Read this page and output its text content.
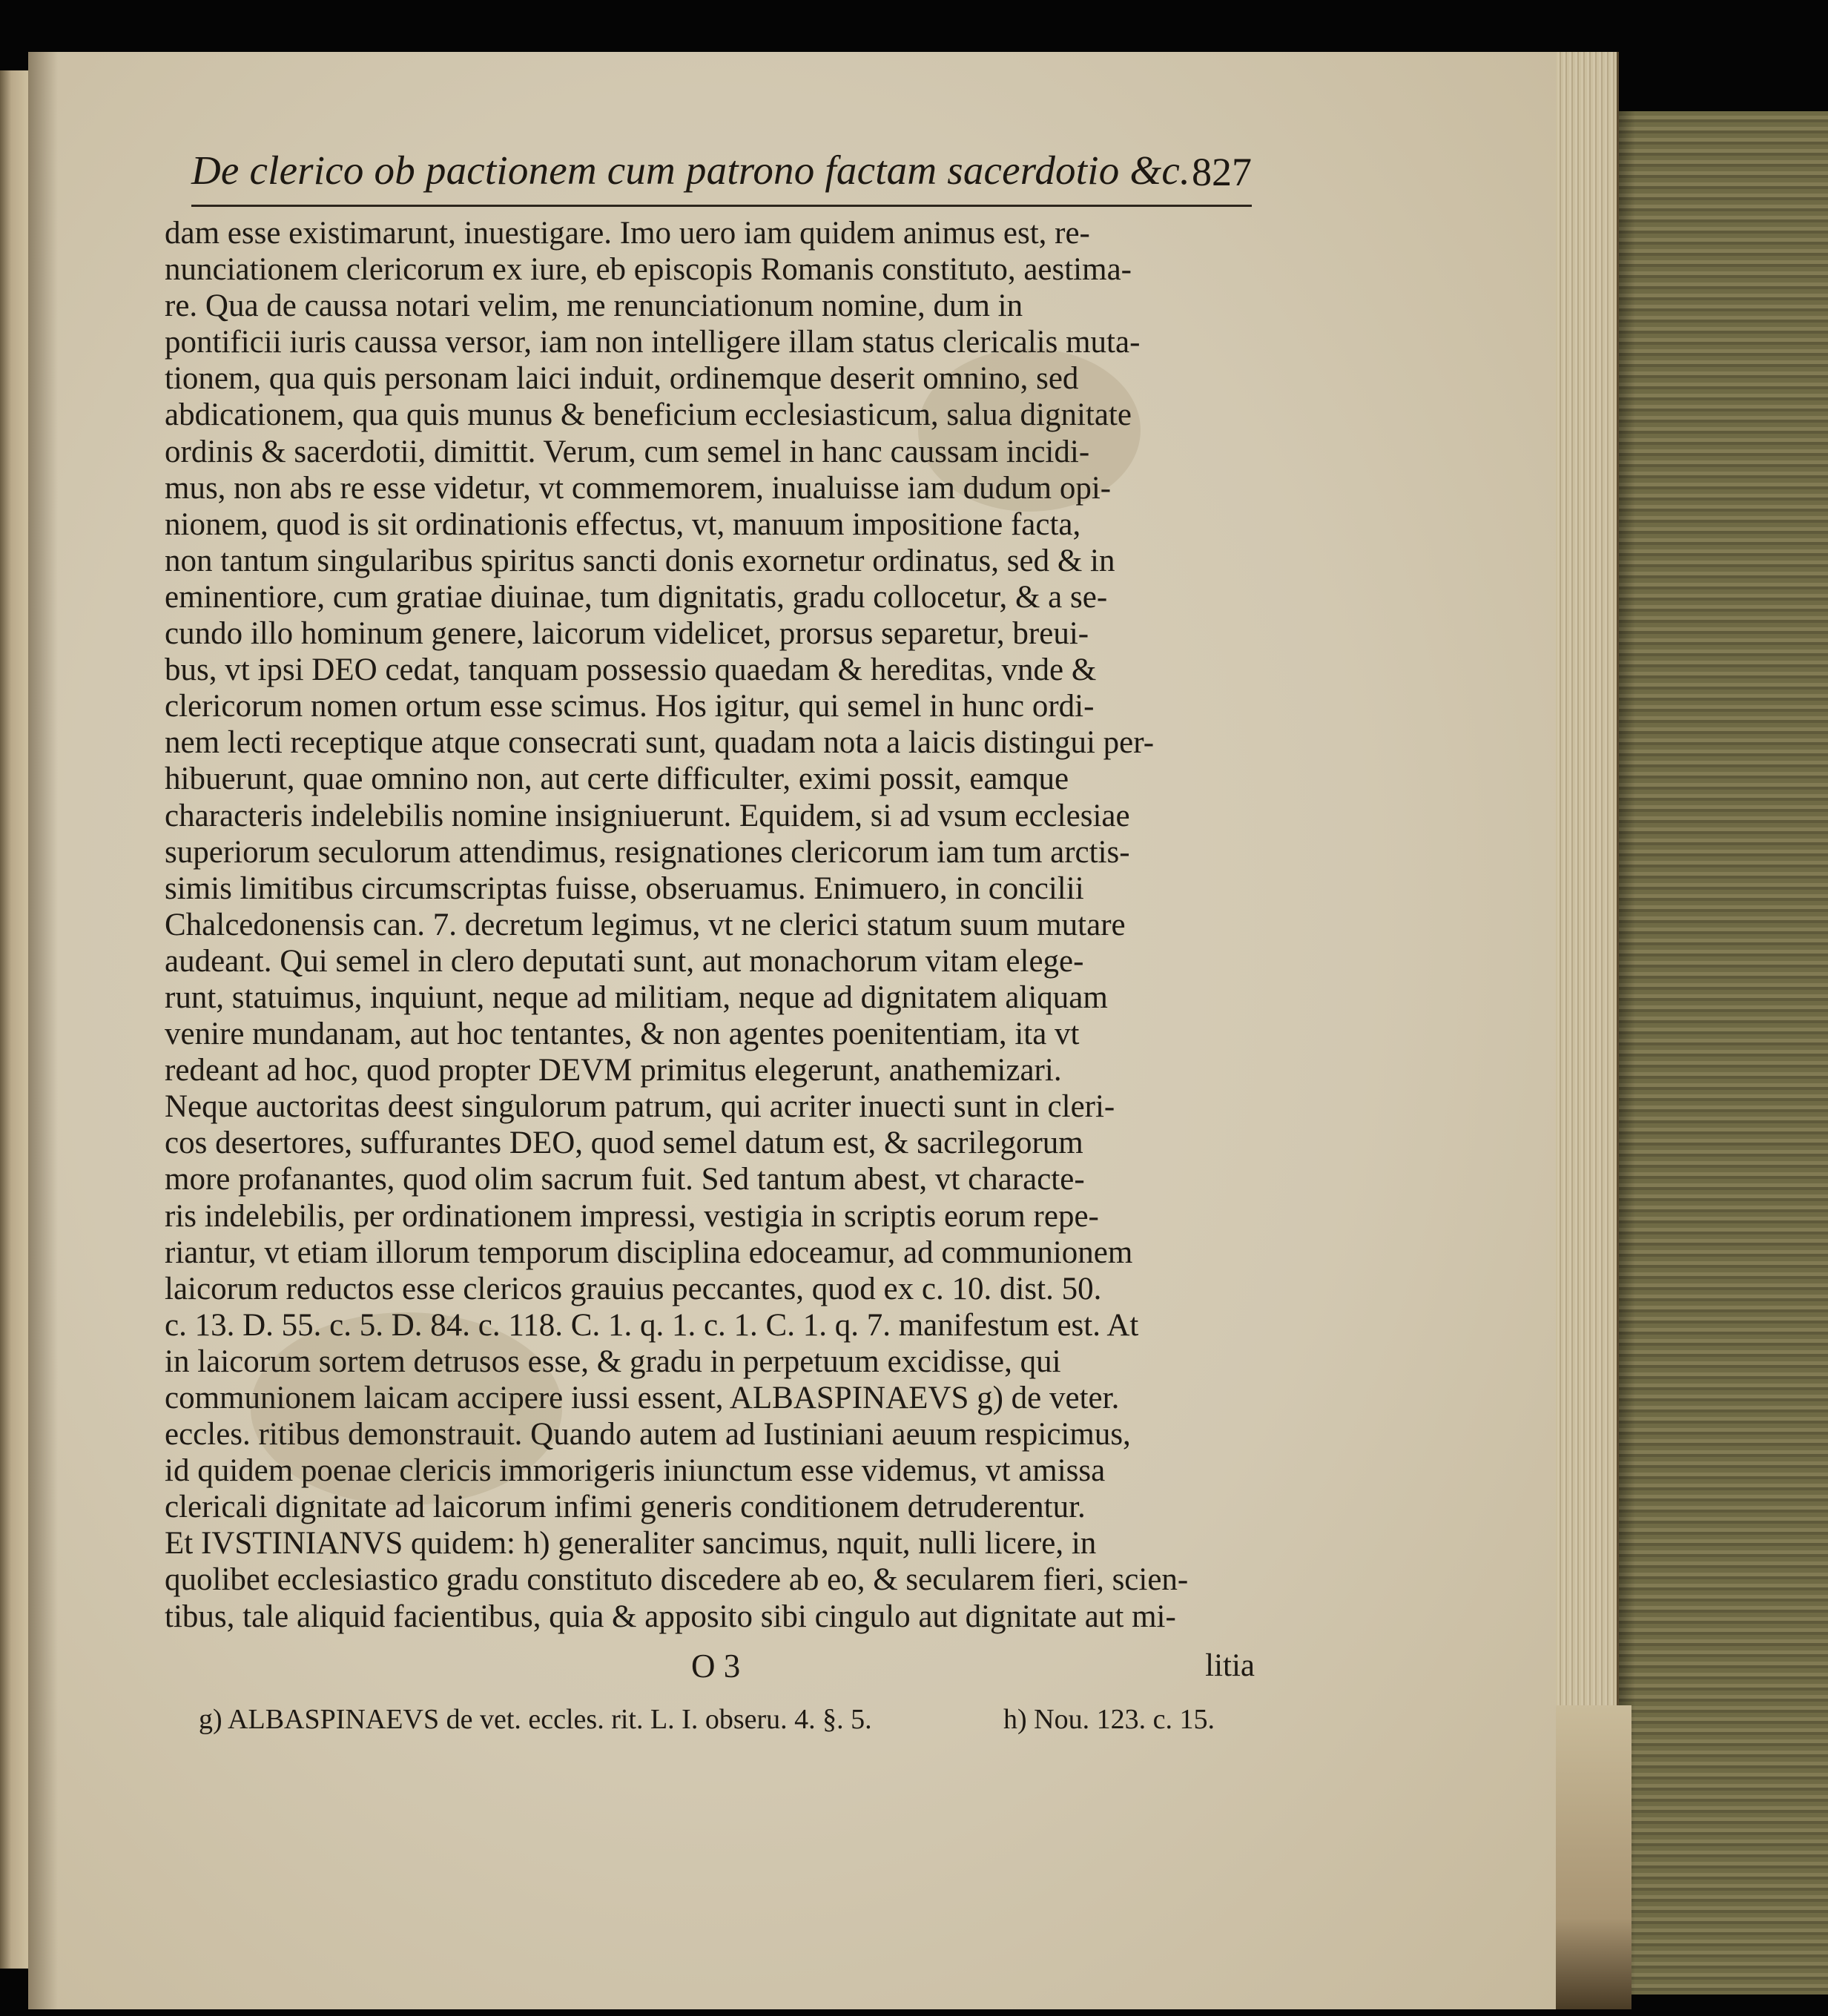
De clerico ob pactionem cum patrono factam sacerdotio &c. 827
dam esse existimarunt, inuestigare. Imo uero iam quidem animus est, re-
nunciationem clericorum ex iure, eb episcopis Romanis constituto, aestima-
re. Qua de caussa notari velim, me renunciationum nomine, dum in
pontificii iuris caussa versor, iam non intelligere illam status clericalis muta-
tionem, qua quis personam laici induit, ordinemque deserit omnino, sed
abdicationem, qua quis munus & beneficium ecclesiasticum, salua dignitate
ordinis & sacerdotii, dimittit. Verum, cum semel in hanc caussam incidi-
mus, non abs re esse videtur, vt commemorem, inualuisse iam dudum opi-
nionem, quod is sit ordinationis effectus, vt, manuum impositione facta,
non tantum singularibus spiritus sancti donis exornetur ordinatus, sed & in
eminentiore, cum gratiae diuinae, tum dignitatis, gradu collocetur, & a se-
cundo illo hominum genere, laicorum videlicet, prorsus separetur, breui-
bus, vt ipsi DEO cedat, tanquam possessio quaedam & hereditas, vnde &
clericorum nomen ortum esse scimus. Hos igitur, qui semel in hunc ordi-
nem lecti receptique atque consecrati sunt, quadam nota a laicis distingui per-
hibuerunt, quae omnino non, aut certe difficulter, eximi possit, eamque
characteris indelebilis nomine insigniuerunt. Equidem, si ad vsum ecclesiae
superiorum seculorum attendimus, resignationes clericorum iam tum arctis-
simis limitibus circumscriptas fuisse, obseruamus. Enimuero, in concilii
Chalcedonensis can. 7. decretum legimus, vt ne clerici statum suum mutare
audeant. Qui semel in clero deputati sunt, aut monachorum vitam elege-
runt, statuimus, inquiunt, neque ad militiam, neque ad dignitatem aliquam
venire mundanam, aut hoc tentantes, & non agentes poenitentiam, ita vt
redeant ad hoc, quod propter DEVM primitus elegerunt, anathemizari.
Neque auctoritas deest singulorum patrum, qui acriter inuecti sunt in cleri-
cos desertores, suffurantes DEO, quod semel datum est, & sacrilegorum
more profanantes, quod olim sacrum fuit. Sed tantum abest, vt characte-
ris indelebilis, per ordinationem impressi, vestigia in scriptis eorum repe-
riantur, vt etiam illorum temporum disciplina edoceamur, ad communionem
laicorum reductos esse clericos grauius peccantes, quod ex c. 10. dist. 50.
c. 13. D. 55. c. 5. D. 84. c. 118. C. 1. q. 1. c. 1. C. 1. q. 7. manifestum est. At
in laicorum sortem detrusos esse, & gradu in perpetuum excidisse, qui
communionem laicam accipere iussi essent, ALBASPINAEVS g) de veter.
eccles. ritibus demonstrauit. Quando autem ad Iustiniani aeuum respicimus,
id quidem poenae clericis immorigeris iniunctum esse videmus, vt amissa
clericali dignitate ad laicorum infimi generis conditionem detruderentur.
Et IVSTINIANVS quidem: h) generaliter sancimus, nquit, nulli licere, in
quolibet ecclesiastico gradu constituto discedere ab eo, & secularem fieri, scien-
tibus, tale aliquid facientibus, quia & apposito sibi cingulo aut dignitate aut mi-
O 3	litia
g) ALBASPINAEVS de vet. eccles. rit. L. I. obseru. 4. §. 5.	h) Nou. 123. c. 15.
